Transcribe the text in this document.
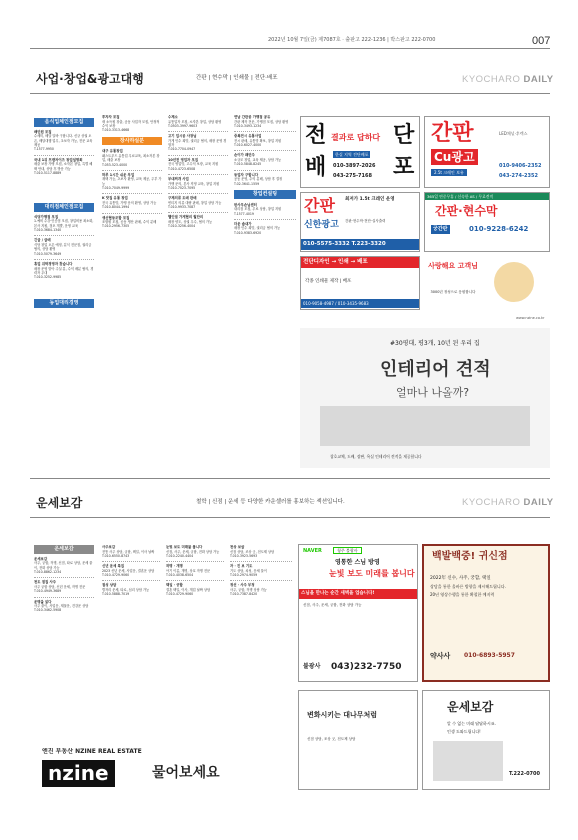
2022년 10월 7일(금) 제7087호 · 출판고 222-1236 | 박스판고 222-0700	007
사업·창업&광고대행	간판 | 현수막 | 인쇄물 | 전단·배포	KYOCHARO DAILY
음식업체인점모집
배민원 모집
수세미, 배달 알바 구합니다. 신규 상권 오픈, 배달대행 업무, 초보자 가능, 전문 교육 제공
T.1577-9950
국내 1위 프랜차이즈 창업설명회
매출 보장 가맹 모집, 소자본 창업, 특별 혜택 안내, 상담 후 방문 가능
T.010-5117-8889
대리점체인점모집
식당가맹점 모집
1.예비 수강·인증점 모집, 창업비용 최소화, 본사 지원, 점포 개발, 운영 교육
T.010-3684-1340
긴급 / 급매
식당 창업 오픈 예정, 분식 전문점, 권리금 협의, 상담 환영
T.010-5079-3649
휴업 위탁경영자 찾습니다
매장 운영 맡아 주실 분, 수익 배분 협의, 경력자 우대
T.010-3252-9985
동업대리경영
투자자 모집
새 소득원 창출, 공동 사업자 모집, 안정적 수익 보장
T.010-3313-4668
장사하실분
대구 유통창업
패스트푸드 유통업 무료교육, 최소자본 창업, 매출 보장
T.053-523-4000
하루 1시간 쉬운 부업
재택 가능, 초보자 환영, 교육 제공, 주부 가능
T.010-7049-9999
K 맛집 유통 창업
전국 유통망, 가맹 문의 환영, 상담 가능
T.010-8044-1994
생산협동조합 모집
조합원 모집, 공동 생산 판매, 수익 분배
T.010-2956-7305
수제소
유통업자 모집, 소자본 창업, 상담 환영
T.0503-3997-9603
고기 업시공 사장님
가게 인수 희망, 권리금 협의, 매장 운영 경험자
T.010-7704-0947
10년전 영업자 모집
전국 영업망, 고수익 보장, 교육 지원
T.010-4723-6508
부대찌개 사업
가맹 문의, 본사 직영 교육, 창업 지원
T.010-7023-7095
구제의류 도매 판매
빈티지 의류 대량 판매, 창업 상담 가능
T.010-9933-7087
헬인권 가게협의 월단의
매장 양도, 상권 우수, 협의 가능
T.010-3256-4004
연남 간판공 가맹점 공유
간판 제작 전문, 가맹점 모집, 상담 환영
T.010-3493-1234
중복전시 유통사업
전시 판매, 유통망 확보, 창업 지원
T.010-6027-4000
손이가 패턴주
소규모 창업, 교육 제공, 상담 가능
T.010-5848-8245
동업자 구합니다
공동 운영, 수익 분배, 상담 후 결정
T.02-3641-1559
창업컨설팅
한사무손님센터
대리점 모집, 무료 상담, 창업 지원
T.1577-4019
더운 숍대가
매장 인수 희망, 권리금 협의 가능
T.010-9383-6920
전
배
단
포
결과로 답하다
한실 지역 전단배포
010-3897-2026
043-275-7168
간판
Cu광고
2.5t 크레인 보유
LED채널·후렉스
010-9406-2352
043-274-2352
간판 최저가 1.5t 크레인 운영
신한광고 간판·현수막·전단·실사출력
010-5575-3332 T.223-3320
365일 연중무휴 / 신속한 AS / 무료견적
간판·현수막
궁간판	010-9228-6242
전단디자인 → 인쇄 → 배포
각종 인쇄물 제작 | 배포
010-9058-4987 / 010-3435-9683
사랑해요 고객님
3000년 정성으로 응원합니다
www.nzine.co.kr
#30평대, 평3개, 10년 된 우리 집
인테리어 견적
얼마나 나올까?
창호교체, 도배, 장판, 욕실 인테리어 견적을 제공합니다
운세보감	철학 | 신점 | 운세 등 다양한 카운셀러를 홍보하는 섹션입니다.	KYOCHARO DAILY
운세보감
운세보감
사주, 궁합, 작명, 신점, 타로 상담, 운세 풀이, 전화 상담 가능
T.010-8862-1234
천도 점집 사주
사주 궁합 상담, 신년 운세, 작명 전문
T.010-4949-3689
운명을 읽다
사주 풀이, 사업운, 재물운, 건강운 상담
T.010-3462-5908
사주보감
전통 사주 상담, 궁합, 택일, 이사 날짜
T.010-6550-8743
신년 운세 특집
2023 신년 운세, 사업운, 결혼운 상담
T.010-4729-9060
점성 상담
별자리 운세, 타로, 심리 상담 가능
T.010-5888-7019
눈빛 보도 미래를 봅니다
신점, 사주, 운세, 궁합, 전화 상담 가능
T.010-2240-4404
작명 · 개명
아기 이름, 개명, 상호 작명 전문
T.010-4038-6504
택일 · 궁합
결혼 택일, 이사, 개업 날짜 상담
T.010-4729-9060
천상 보살
신점 상담, 조상 굿, 천도제 상담
T.010-3923-5693
자 · 진 보 기도
기도 상담, 치성, 운세 풀이
T.010-2974-9059
정선 · 사주 부정
사주, 궁합, 작명 상담 가능
T.010-7387-8420
NAVER	청주 불광사
영통한 스님 방영
눈빛 보도 미래를 봅니다
스님을 만나는 순간 새벽을 업습니다!
신점, 사주, 운세, 궁합, 전화 상담 가능
불광사 043)232-7750
백발백중! 귀신점
2022年 신수, 사주, 궁합, 택일
상담을 통한 올바른 방향을 제시해드립니다.
20년 영상수행을 통한 확철한 예지력
약사사 010-6893-5957
변화시키는 대나무처럼
신점 상담, 조상 굿, 천도제 상담
운세보감
알 수 없는 미래 답답하시죠.
인생 도와드립니다!
T.222-0700
엔진 부동산 NZINE REAL ESTATE
nzine	물어보세요
